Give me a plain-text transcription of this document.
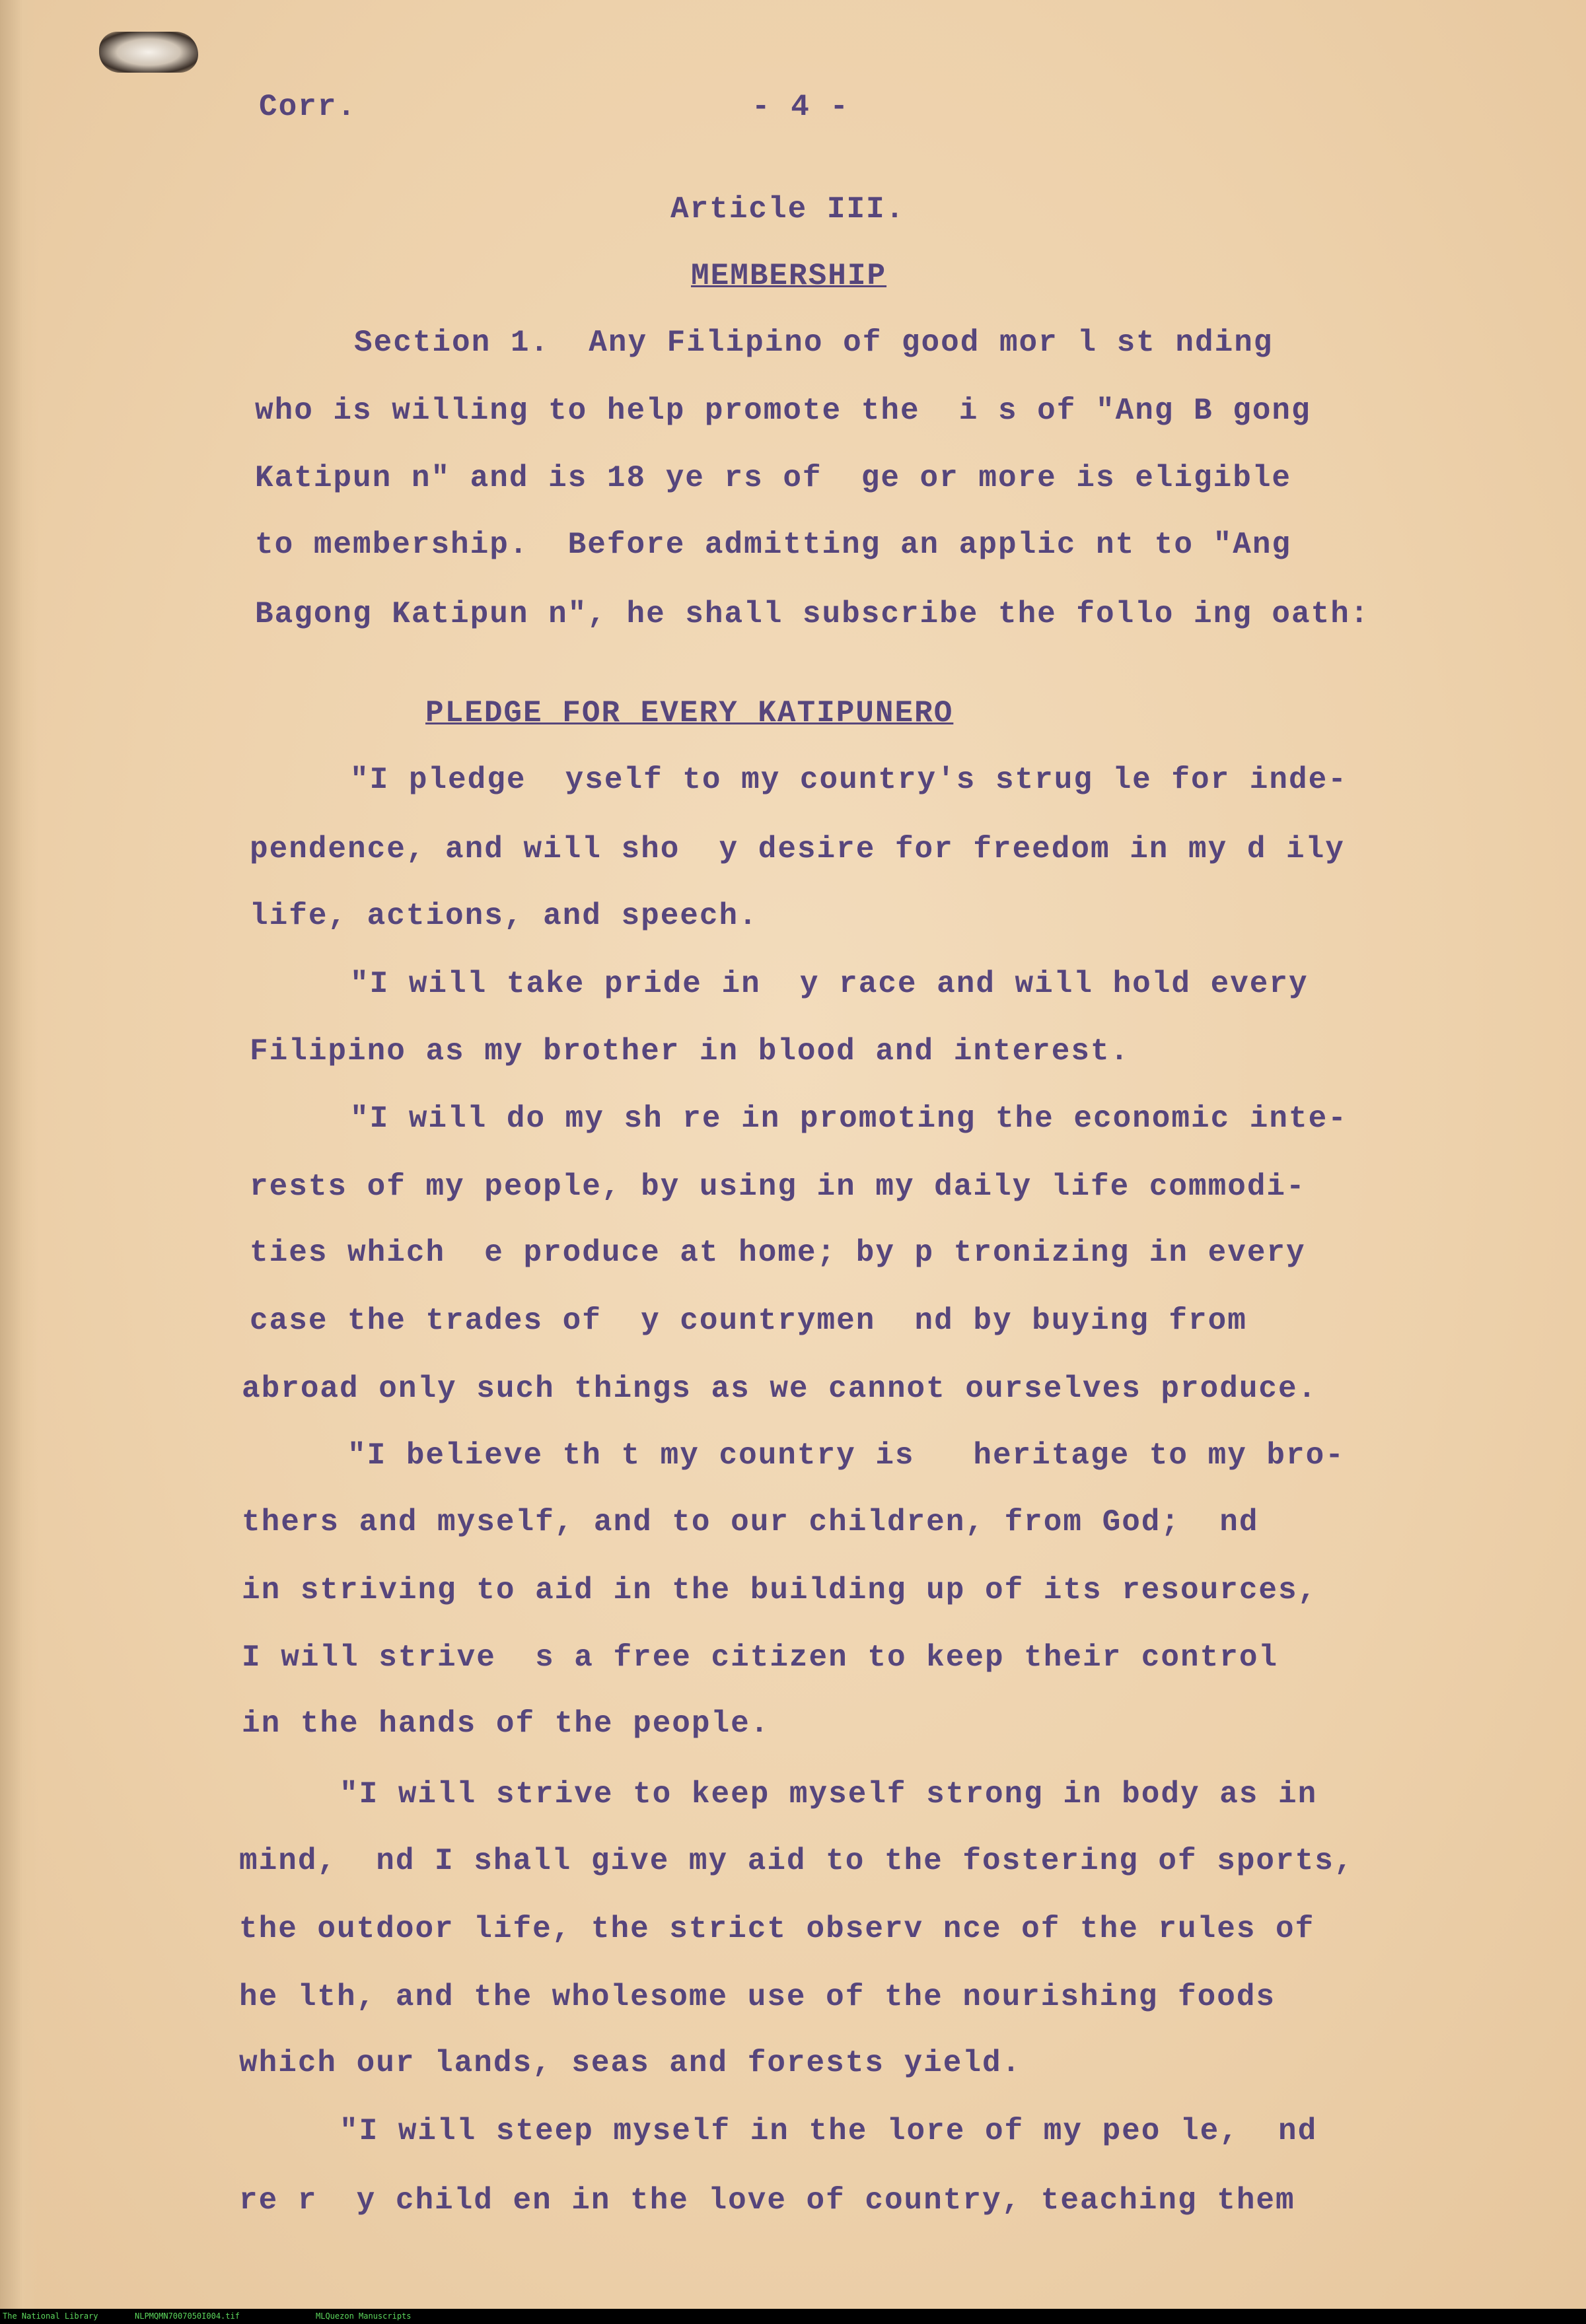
Corr.	- 4 -
Article III.
MEMBERSHIP
Section 1.  Any Filipino of good mor l st nding
who is willing to help promote the  i s of "Ang B gong
Katipun n" and is 18 ye rs of  ge or more is eligible
to membership.  Before admitting an applic nt to "Ang
Bagong Katipun n", he shall subscribe the follo ing oath:
PLEDGE FOR EVERY KATIPUNERO
"I pledge  yself to my country's strug le for inde-
pendence, and will sho  y desire for freedom in my d ily
life, actions, and speech.
"I will take pride in  y race and will hold every
Filipino as my brother in blood and interest.
"I will do my sh re in promoting the economic inte-
rests of my people, by using in my daily life commodi-
ties which  e produce at home; by p tronizing in every
case the trades of  y countrymen  nd by buying from
abroad only such things as we cannot ourselves produce.
"I believe th t my country is   heritage to my bro-
thers and myself, and to our children, from God;  nd
in striving to aid in the building up of its resources,
I will strive  s a free citizen to keep their control
in the hands of the people.
"I will strive to keep myself strong in body as in
mind,  nd I shall give my aid to the fostering of sports,
the outdoor life, the strict observ nce of the rules of
he lth, and the wholesome use of the nourishing foods
which our lands, seas and forests yield.
"I will steep myself in the lore of my peo le,  nd
re r  y child en in the love of country, teaching them
The National Library	NLPMQMN7007050I004.tif	MLQuezon Manuscripts
